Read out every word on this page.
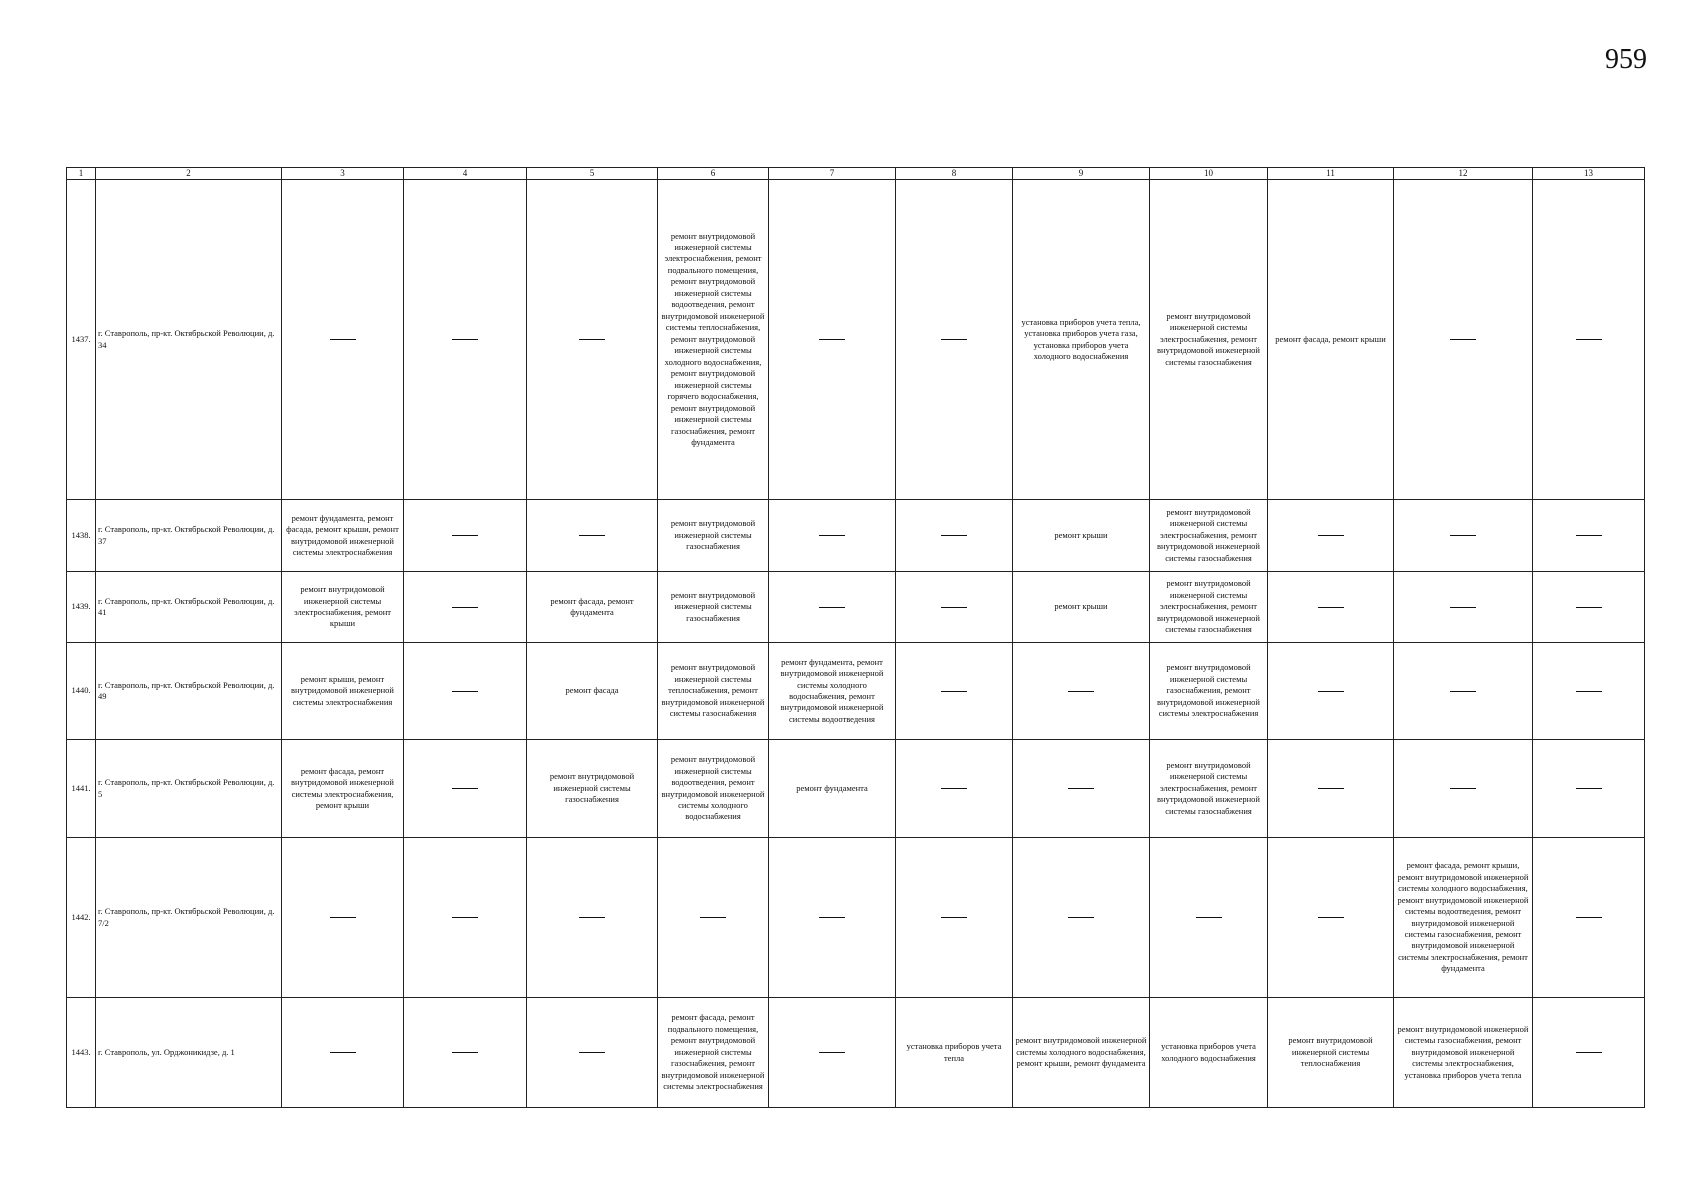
959
1	2	3	4	5	6	7	8	9	10	11	12	13
1437.	г. Ставрополь, пр-кт. Октябрьской Революции, д. 34				ремонт внутридомовой инженерной системы электроснабжения, ремонт подвального помещения, ремонт внутридомовой инженерной системы водоотведения, ремонт внутридомовой инженерной системы теплоснабжения, ремонт внутридомовой инженерной системы холодного водоснабжения, ремонт внутридомовой инженерной системы горячего водоснабжения, ремонт внутридомовой инженерной системы газоснабжения, ремонт фундамента			установка приборов учета тепла, установка приборов учета газа, установка приборов учета холодного водоснабжения	ремонт внутридомовой инженерной системы электроснабжения, ремонт внутридомовой инженерной системы газоснабжения	ремонт фасада, ремонт крыши		
1438.	г. Ставрополь, пр-кт. Октябрьской Революции, д. 37	ремонт фундамента, ремонт фасада, ремонт крыши, ремонт внутридомовой инженерной системы электроснабжения			ремонт внутридомовой инженерной системы газоснабжения			ремонт крыши	ремонт внутридомовой инженерной системы электроснабжения, ремонт внутридомовой инженерной системы газоснабжения			
1439.	г. Ставрополь, пр-кт. Октябрьской Революции, д. 41	ремонт внутридомовой инженерной системы электроснабжения, ремонт крыши		ремонт фасада, ремонт фундамента	ремонт внутридомовой инженерной системы газоснабжения			ремонт крыши	ремонт внутридомовой инженерной системы электроснабжения, ремонт внутридомовой инженерной системы газоснабжения			
1440.	г. Ставрополь, пр-кт. Октябрьской Революции, д. 49	ремонт крыши, ремонт внутридомовой инженерной системы электроснабжения		ремонт фасада	ремонт внутридомовой инженерной системы теплоснабжения, ремонт внутридомовой инженерной системы газоснабжения	ремонт фундамента, ремонт внутридомовой инженерной системы холодного водоснабжения, ремонт внутридомовой инженерной системы водоотведения			ремонт внутридомовой инженерной системы газоснабжения, ремонт внутридомовой инженерной системы электроснабжения			
1441.	г. Ставрополь, пр-кт. Октябрьской Революции, д. 5	ремонт фасада, ремонт внутридомовой инженерной системы электроснабжения, ремонт крыши		ремонт внутридомовой инженерной системы газоснабжения	ремонт внутридомовой инженерной системы водоотведения, ремонт внутридомовой инженерной системы холодного водоснабжения	ремонт фундамента			ремонт внутридомовой инженерной системы электроснабжения, ремонт внутридомовой инженерной системы газоснабжения			
1442.	г. Ставрополь, пр-кт. Октябрьской Революции, д. 7/2										ремонт фасада, ремонт крыши, ремонт внутридомовой инженерной системы холодного водоснабжения, ремонт внутридомовой инженерной системы водоотведения, ремонт внутридомовой инженерной системы газоснабжения, ремонт внутридомовой инженерной системы электроснабжения, ремонт фундамента	
1443.	г. Ставрополь, ул. Орджоникидзе, д. 1				ремонт фасада, ремонт подвального помещения, ремонт внутридомовой инженерной системы газоснабжения, ремонт внутридомовой инженерной системы электроснабжения		установка приборов учета тепла	ремонт внутридомовой инженерной системы холодного водоснабжения, ремонт крыши, ремонт фундамента	установка приборов учета холодного водоснабжения	ремонт внутридомовой инженерной системы теплоснабжения	ремонт внутридомовой инженерной системы газоснабжения, ремонт внутридомовой инженерной системы электроснабжения, установка приборов учета тепла	
